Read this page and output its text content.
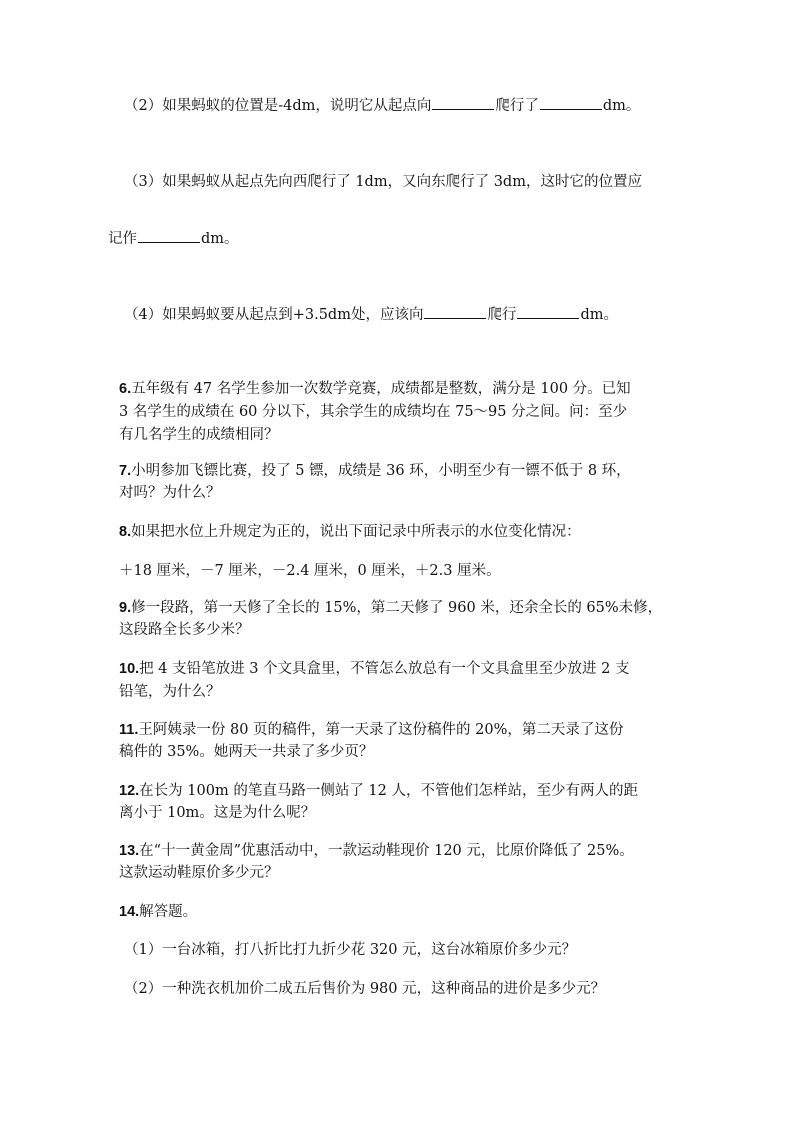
（2）如果蚂蚁的位置是-4dm，说明它从起点向	爬行了	dm。
（3）如果蚂蚁从起点先向西爬行了 1dm，又向东爬行了 3dm，这时它的位置应
记作	dm。
（4）如果蚂蚁要从起点到+3.5dm处，应该向	爬行	dm。
6.五年级有 47 名学生参加一次数学竞赛，成绩都是整数，满分是 100 分。已知
3 名学生的成绩在 60 分以下，其余学生的成绩均在 75～95 分之间。问：至少
有几名学生的成绩相同？
7.小明参加飞镖比赛，投了 5 镖，成绩是 36 环，小明至少有一镖不低于 8 环，
对吗？为什么？
8.如果把水位上升规定为正的，说出下面记录中所表示的水位变化情况：
＋18 厘米，－7 厘米，－2.4 厘米，0 厘米，＋2.3 厘米。
9.修一段路，第一天修了全长的 15%，第二天修了 960 米，还余全长的 65%未修，
这段路全长多少米？
10.把 4 支铅笔放进 3 个文具盒里，不管怎么放总有一个文具盒里至少放进 2 支
铅笔，为什么？
11.王阿姨录一份 80 页的稿件，第一天录了这份稿件的 20%，第二天录了这份
稿件的 35%。她两天一共录了多少页？
12.在长为 100m 的笔直马路一侧站了 12 人，不管他们怎样站，至少有两人的距
离小于 10m。这是为什么呢？
13.在“十一黄金周”优惠活动中，一款运动鞋现价 120 元，比原价降低了 25%。
这款运动鞋原价多少元？
14.解答题。
（1）一台冰箱，打八折比打九折少花 320 元，这台冰箱原价多少元？
（2）一种洗衣机加价二成五后售价为 980 元，这种商品的进价是多少元？
